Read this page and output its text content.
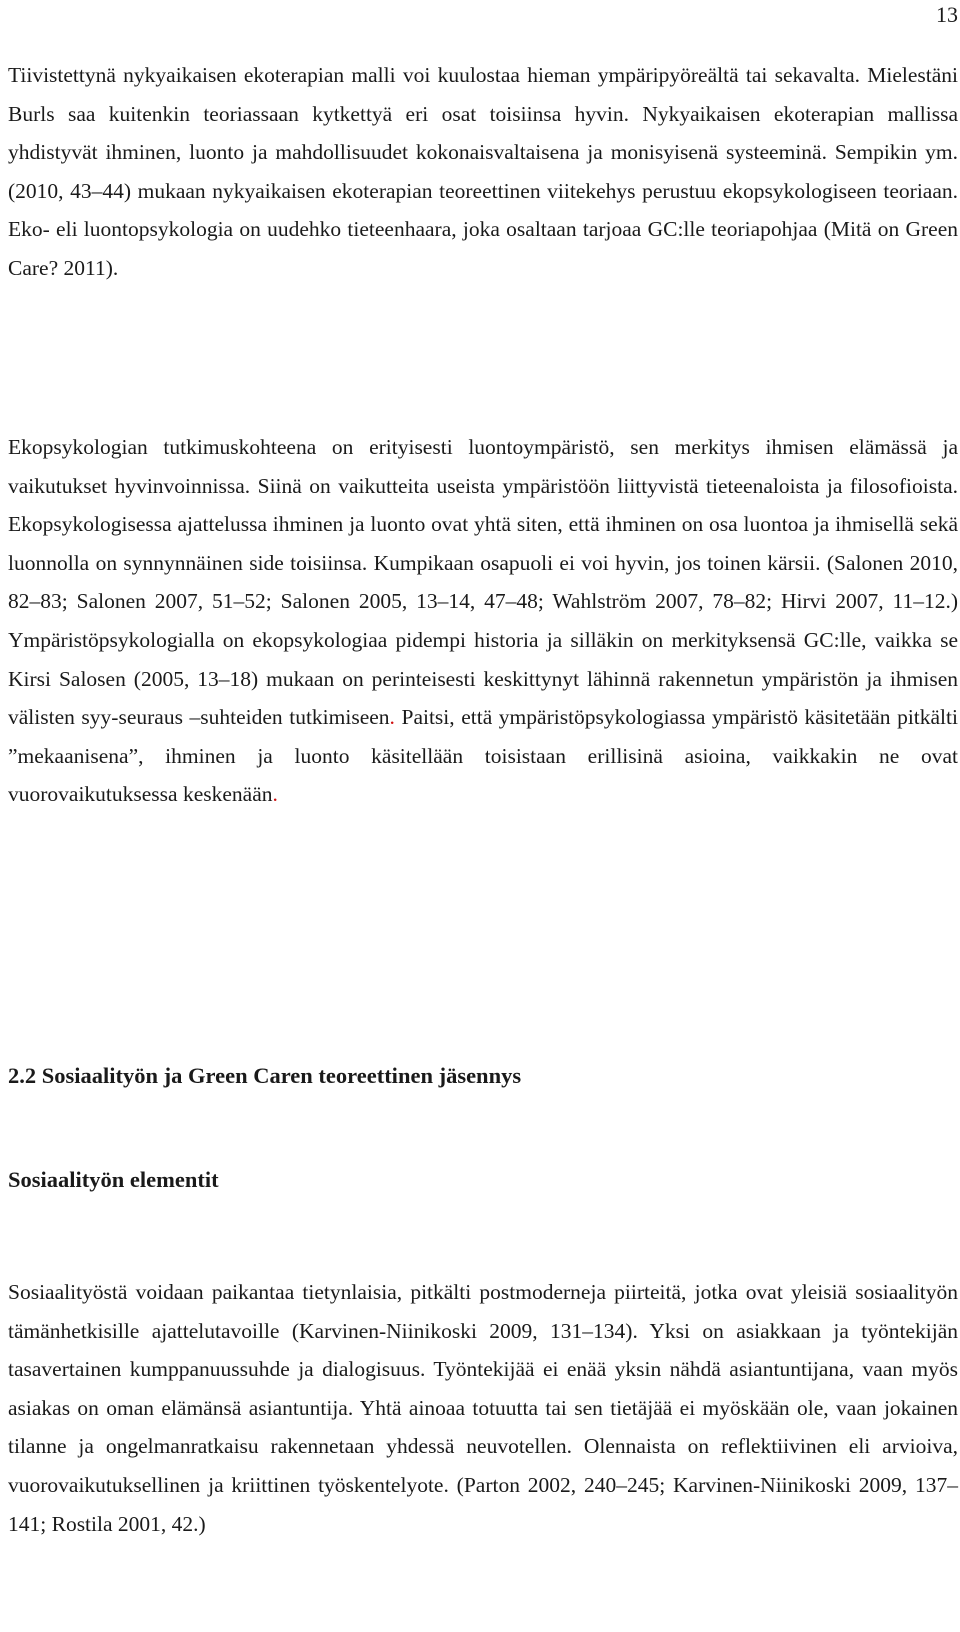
13

Tiivistettynä nykyaikaisen ekoterapian malli voi kuulostaa hieman ympäripyöreältä tai sekavalta. Mielestäni Burls saa kuitenkin teoriassaan kytkettyä eri osat toisiinsa hyvin. Nykyaikaisen ekoterapian mallissa yhdistyvät ihminen, luonto ja mahdollisuudet kokonaisvaltaisena ja monisyisenä systeeminä. Sempikin ym. (2010, 43–44) mukaan nykyaikaisen ekoterapian teoreettinen viitekehys perustuu ekopsykologiseen teoriaan. Eko- eli luontopsykologia on uudehko tieteenhaara, joka osaltaan tarjoaa GC:lle teoriapohjaa (Mitä on Green Care? 2011).

Ekopsykologian tutkimuskohteena on erityisesti luontoympäristö, sen merkitys ihmisen elämässä ja vaikutukset hyvinvoinnissa. Siinä on vaikutteita useista ympäristöön liittyvistä tieteenaloista ja filosofioista. Ekopsykologisessa ajattelussa ihminen ja luonto ovat yhtä siten, että ihminen on osa luontoa ja ihmisellä sekä luonnolla on synnynnäinen side toisiinsa. Kumpikaan osapuoli ei voi hyvin, jos toinen kärsii. (Salonen 2010, 82–83; Salonen 2007, 51–52; Salonen 2005, 13–14, 47–48; Wahlström 2007, 78–82; Hirvi 2007, 11–12.) Ympäristöpsykologialla on ekopsykologiaa pidempi historia ja silläkin on merkityksensä GC:lle, vaikka se Kirsi Salosen (2005, 13–18) mukaan on perinteisesti keskittynyt lähinnä rakennetun ympäristön ja ihmisen välisten syy-seuraus –suhteiden tutkimiseen. Paitsi, että ympäristöpsykologiassa ympäristö käsitetään pitkälti ”mekaanisena”, ihminen ja luonto käsitellään toisistaan erillisinä asioina, vaikkakin ne ovat vuorovaikutuksessa keskenään.

2.2 Sosiaalityön ja Green Caren teoreettinen jäsennys
Sosiaalityön elementit

Sosiaalityöstä voidaan paikantaa tietynlaisia, pitkälti postmoderneja piirteitä, jotka ovat yleisiä sosiaalityön tämänhetkisille ajattelutavoille (Karvinen-Niinikoski 2009, 131–134). Yksi on asiakkaan ja työntekijän tasavertainen kumppanuussuhde ja dialogisuus. Työntekijää ei enää yksin nähdä asiantuntijana, vaan myös asiakas on oman elämänsä asiantuntija. Yhtä ainoaa totuutta tai sen tietäjää ei myöskään ole, vaan jokainen tilanne ja ongelmanratkaisu rakennetaan yhdessä neuvotellen. Olennaista on reflektiivinen eli arvioiva, vuorovaikutuksellinen ja kriittinen työskentelyote. (Parton 2002, 240–245; Karvinen-Niinikoski 2009, 137–141; Rostila 2001, 42.)
